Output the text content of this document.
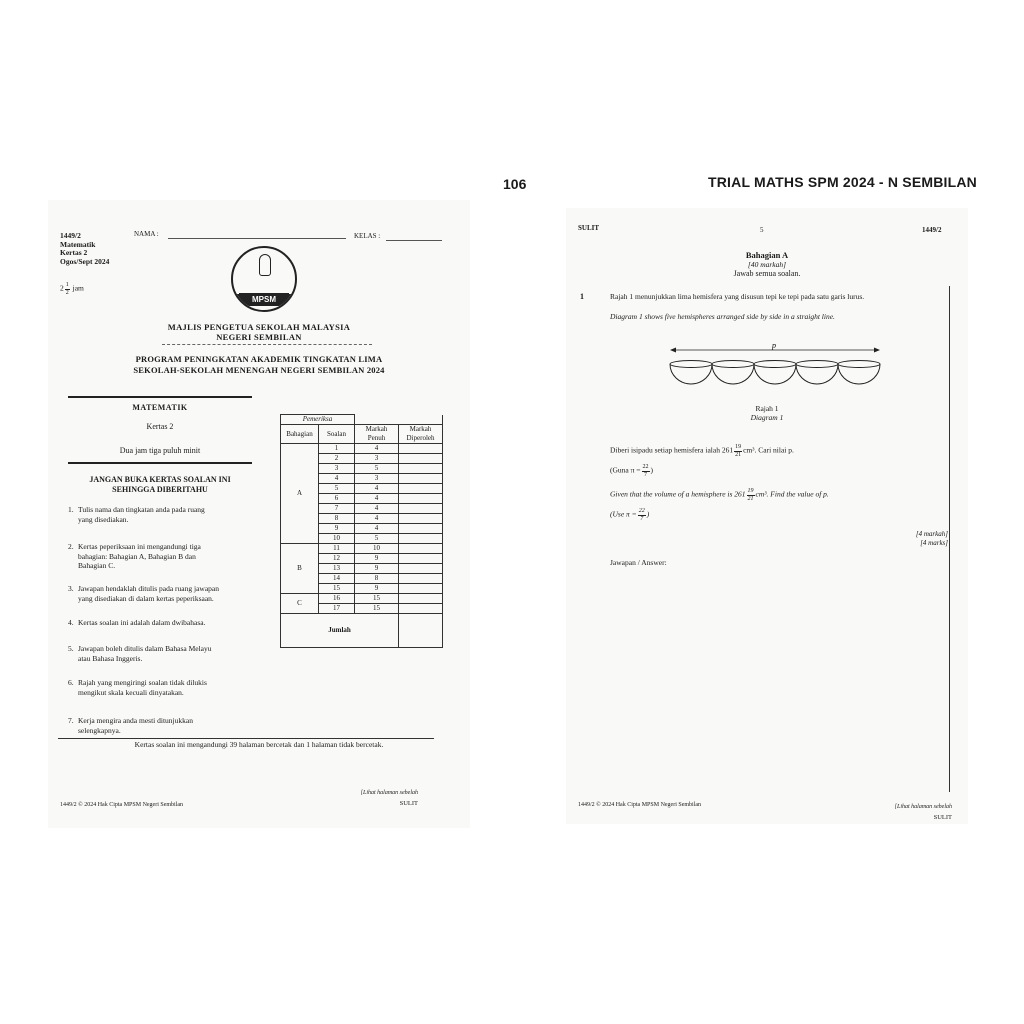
106	TRIAL MATHS SPM 2024 - N SEMBILAN
1449/2
Matematik
Kertas 2
Ogos/Sept 2024
$2 \frac{1}{2}$ jam
NAMA :	KELAS :
MPSM
MAJLIS PENGETUA SEKOLAH MALAYSIA
NEGERI SEMBILAN
PROGRAM PENINGKATAN AKADEMIK TINGKATAN LIMA
SEKOLAH-SEKOLAH MENENGAH NEGERI SEMBILAN 2024
MATEMATIK
Kertas 2
Dua jam tiga puluh minit
JANGAN BUKA KERTAS SOALAN INI
SEHINGGA DIBERITAHU
1. Tulis nama dan tingkatan anda pada ruang
yang disediakan.
2. Kertas peperiksaan ini mengandungi tiga
bahagian: Bahagian A, Bahagian B dan
Bahagian C.
3. Jawapan hendaklah ditulis pada ruang jawapan
yang disediakan di dalam kertas peperiksaan.
4. Kertas soalan ini adalah dalam dwibahasa.
5. Jawapan boleh ditulis dalam Bahasa Melayu
atau Bahasa Inggeris.
6. Rajah yang mengiringi soalan tidak dilukis
mengikut skala kecuali dinyatakan.
7. Kerja mengira anda mesti ditunjukkan
selengkapnya.
Pemeriksa			
Bahagian	Soalan	Markah Penuh	Markah Diperoleh
A	1	4	
	2	3	
	3	5	
	4	3	
	5	4	
	6	4	
	7	4	
	8	4	
	9	4	
	10	5	
B	11	10	
	12	9	
	13	9	
	14	8	
	15	9	
C	16	15	
	17	15	
Jumlah			
Kertas soalan ini mengandungi 39 halaman bercetak dan 1 halaman tidak bercetak.
1449/2 © 2024 Hak Cipta MPSM Negeri Sembilan
[Lihat halaman sebelah
SULIT
SULIT	5	1449/2
Bahagian A
[40 markah]
Jawab semua soalan.
1	Rajah 1 menunjukkan lima hemisfera yang disusun tepi ke tepi pada satu garis lurus.
Diagram 1 shows five hemispheres arranged side by side in a straight line.
p
Rajah 1
Diagram 1
Diberi isipadu setiap hemisfera ialah $261 \frac{19}{21} cm^3$. Cari nilai p.
(Guna $\pi = \frac{22}{7}$ )
Given that the volume of a hemisphere is $261 \frac{19}{21} cm^3$. Find the value of p.
(Use $\pi = \frac{22}{7}$ )
[4 markah]
[4 marks]
Jawapan / Answer:
1449/2 © 2024 Hak Cipta MPSM Negeri Sembilan	[Lihat halaman sebelah
SULIT
